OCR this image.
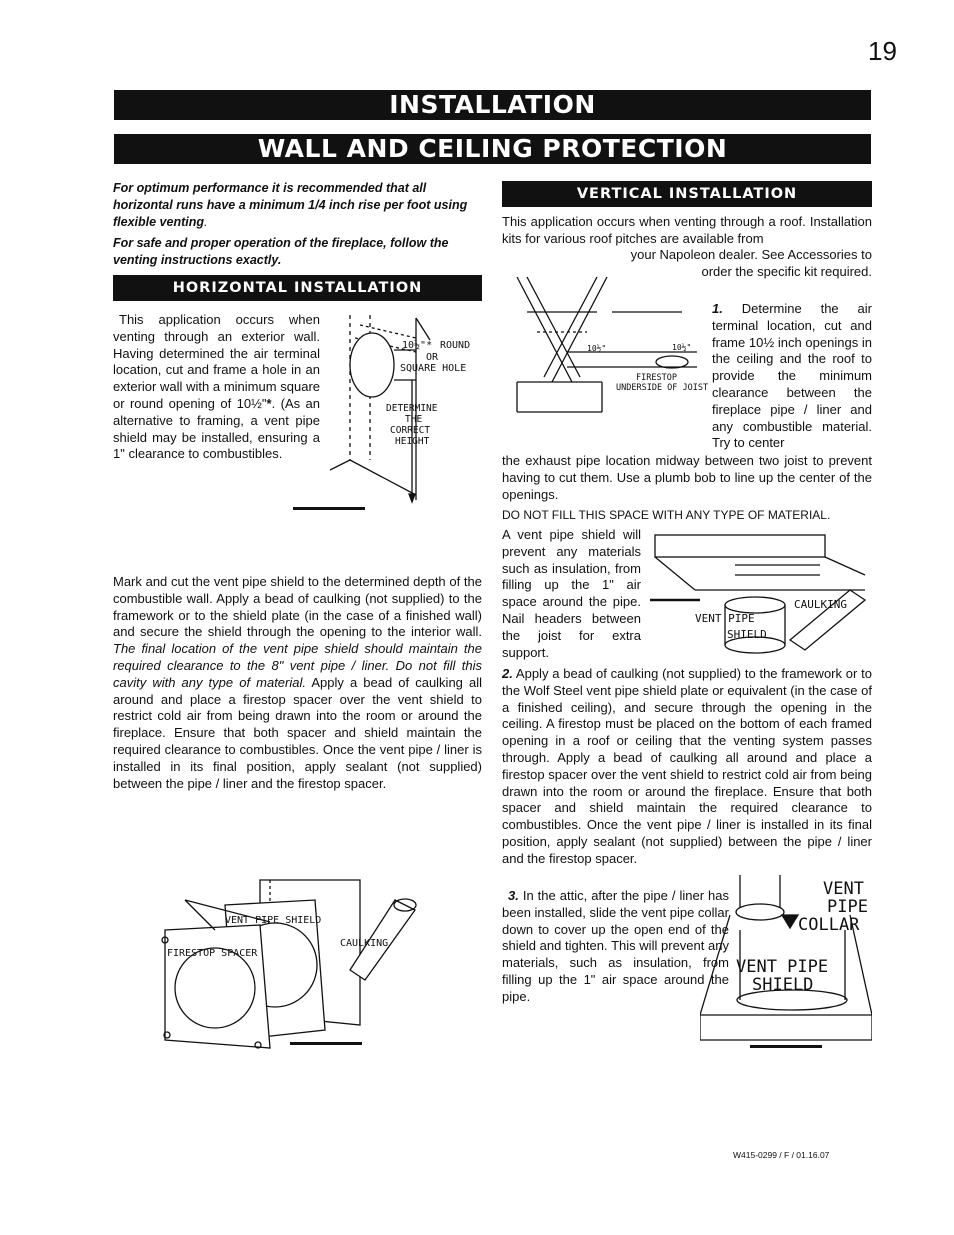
19
INSTALLATION
WALL AND CEILING PROTECTION

For optimum performance it is recommended that all horizontal runs have a minimum 1/4 inch rise per foot using flexible venting.

For safe and proper operation of the fireplace, follow the venting instructions exactly.

HORIZONTAL INSTALLATION

This application occurs when venting through an exterior wall. Having determined the air terminal location, cut and frame a hole in an exterior wall with a minimum square or round opening of 10½"*. (As an alternative to framing, a vent pipe shield may be installed, ensuring a 1" clearance to combustibles.

10½"* ROUND
OR
SQUARE HOLE
DETERMINE
THE
CORRECT
HEIGHT

Mark and cut the vent pipe shield to the determined depth of the combustible wall. Apply a bead of caulking (not supplied) to the framework or to the shield plate (in the case of a finished wall) and secure the shield through the opening to the interior wall. The final location of the vent pipe shield should maintain the required clearance to the 8" vent pipe / liner. Do not fill this cavity with any type of material. Apply a bead of caulking all around and place a firestop spacer over the vent shield to restrict cold air from being drawn into the room or around the fireplace. Ensure that both spacer and shield maintain the required clearance to combustibles. Once the vent pipe / liner is installed in its final position, apply sealant (not supplied) between the pipe / liner and the firestop spacer.

VENT PIPE SHIELD
FIRESTOP SPACER
CAULKING
VERTICAL INSTALLATION

This application occurs when venting through a roof. Installation kits for various roof pitches are available from

your Napoleon dealer. See Accessories to order the specific kit required.

10½"	10½"
FIRESTOP
UNDERSIDE OF JOIST

1. Determine the air terminal location, cut and frame 10½ inch openings in the ceiling and the roof to provide the minimum clearance between the fireplace pipe / liner and any combustible material. Try to center

the exhaust pipe location midway between two joist to prevent having to cut them. Use a plumb bob to line up the center of the openings.

DO NOT FILL THIS SPACE WITH ANY TYPE OF MATERIAL.

A vent pipe shield will prevent any materials such as insulation, from filling up the 1" air space around the pipe. Nail headers between the joist for extra support.

VENT PIPE
SHIELD
CAULKING

2. Apply a bead of caulking (not supplied) to the framework or to the Wolf Steel vent pipe shield plate or equivalent (in the case of a finished ceiling), and secure through the opening in the ceiling. A firestop must be placed on the bottom of each framed opening in a roof or ceiling that the venting system passes through. Apply a bead of caulking all around and place a firestop spacer over the vent shield to restrict cold air from being drawn into the room or around the fireplace. Ensure that both spacer and shield maintain the required clearance to combustibles. Once the vent pipe / liner is installed in its final position, apply sealant (not supplied) between the pipe / liner and the firestop spacer.

3. In the attic, after the pipe / liner has been installed, slide the vent pipe collar down to cover up the open end of the shield and tighten. This will prevent any materials, such as insulation, from filling up the 1" air space around the pipe.

VENT
PIPE
COLLAR
VENT PIPE
SHIELD
W415-0299 / F / 01.16.07
